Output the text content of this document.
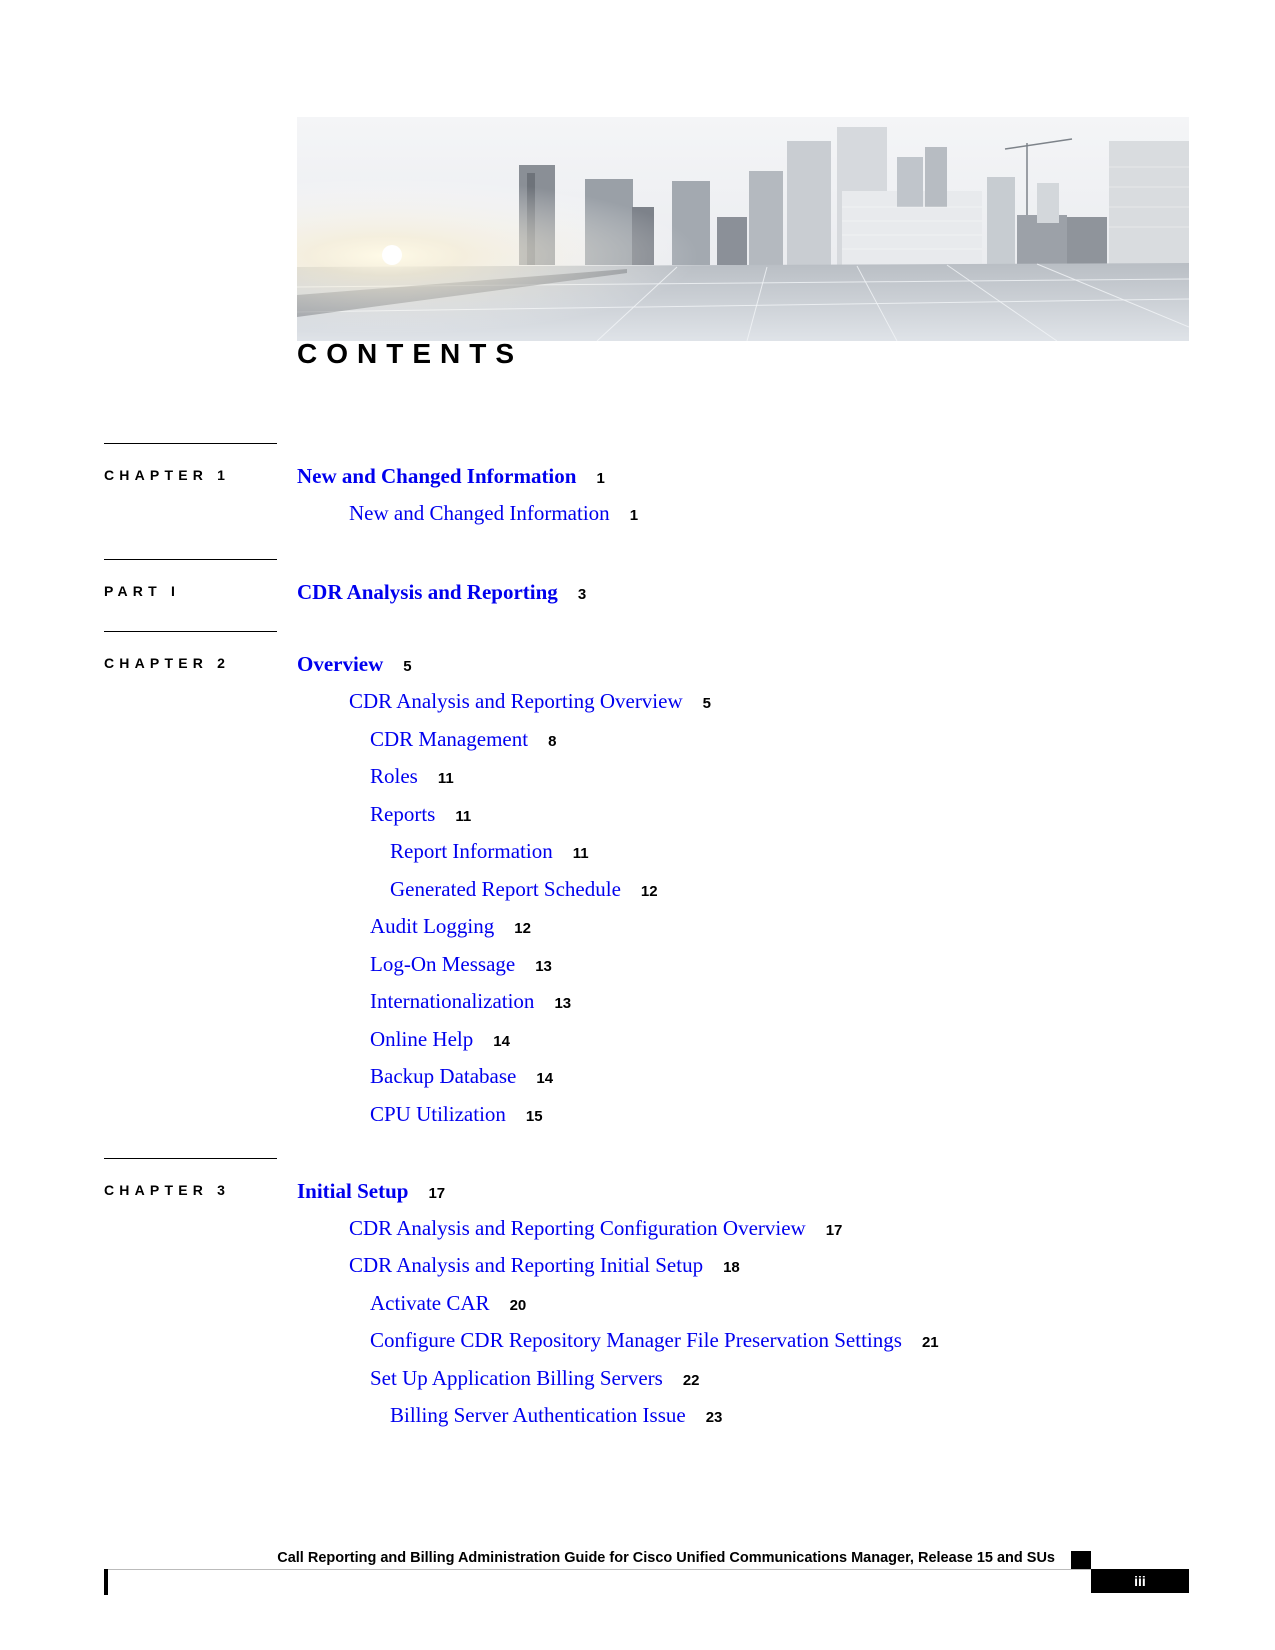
CONTENTS
CHAPTER 1	New and Changed Information 1
New and Changed Information 1
PART I	CDR Analysis and Reporting 3
CHAPTER 2	Overview 5
CDR Analysis and Reporting Overview 5
CDR Management 8
Roles 11
Reports 11
Report Information 11
Generated Report Schedule 12
Audit Logging 12
Log-On Message 13
Internationalization 13
Online Help 14
Backup Database 14
CPU Utilization 15
CHAPTER 3	Initial Setup 17
CDR Analysis and Reporting Configuration Overview 17
CDR Analysis and Reporting Initial Setup 18
Activate CAR 20
Configure CDR Repository Manager File Preservation Settings 21
Set Up Application Billing Servers 22
Billing Server Authentication Issue 23
Call Reporting and Billing Administration Guide for Cisco Unified Communications Manager, Release 15 and SUs
iii
